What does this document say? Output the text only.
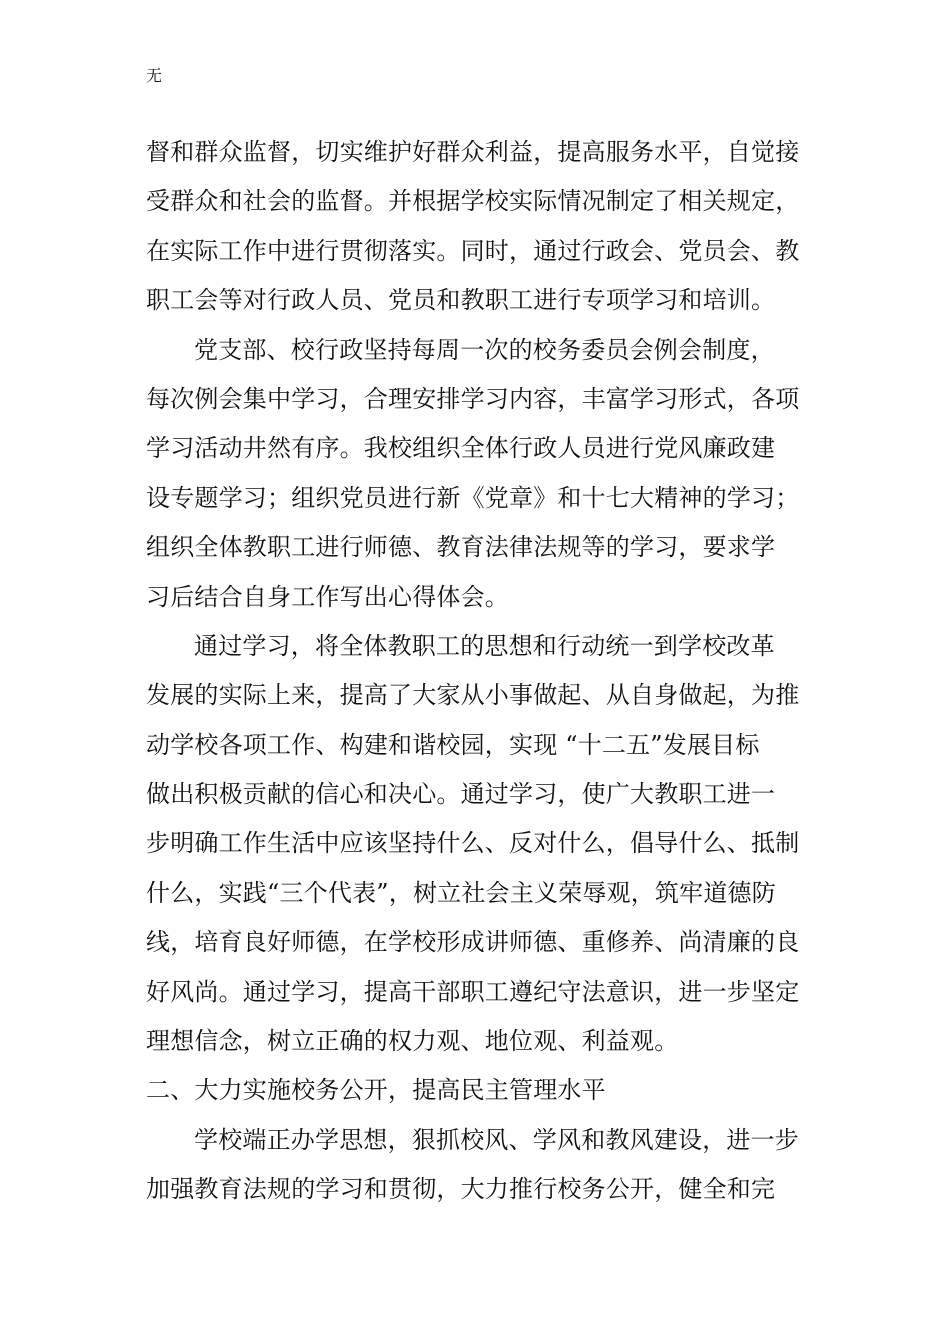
无
督和群众监督，切实维护好群众利益，提高服务水平，自觉接
受群众和社会的监督。并根据学校实际情况制定了相关规定，
在实际工作中进行贯彻落实。同时，通过行政会、党员会、教
职工会等对行政人员、党员和教职工进行专项学习和培训。
党支部、校行政坚持每周一次的校务委员会例会制度，
每次例会集中学习，合理安排学习内容，丰富学习形式，各项
学习活动井然有序。我校组织全体行政人员进行党风廉政建
设专题学习；组织党员进行新《党章》和十七大精神的学习；
组织全体教职工进行师德、教育法律法规等的学习，要求学
习后结合自身工作写出心得体会。
通过学习，将全体教职工的思想和行动统一到学校改革
发展的实际上来，提高了大家从小事做起、从自身做起，为推
动学校各项工作、构建和谐校园，实现 “十二五”发展目标
做出积极贡献的信心和决心。通过学习，使广大教职工进一
步明确工作生活中应该坚持什么、反对什么，倡导什么、抵制
什么，实践“三个代表”，树立社会主义荣辱观，筑牢道德防
线，培育良好师德，在学校形成讲师德、重修养、尚清廉的良
好风尚。通过学习，提高干部职工遵纪守法意识，进一步坚定
理想信念，树立正确的权力观、地位观、利益观。
二、大力实施校务公开，提高民主管理水平
学校端正办学思想，狠抓校风、学风和教风建设，进一步
加强教育法规的学习和贯彻，大力推行校务公开，健全和完
